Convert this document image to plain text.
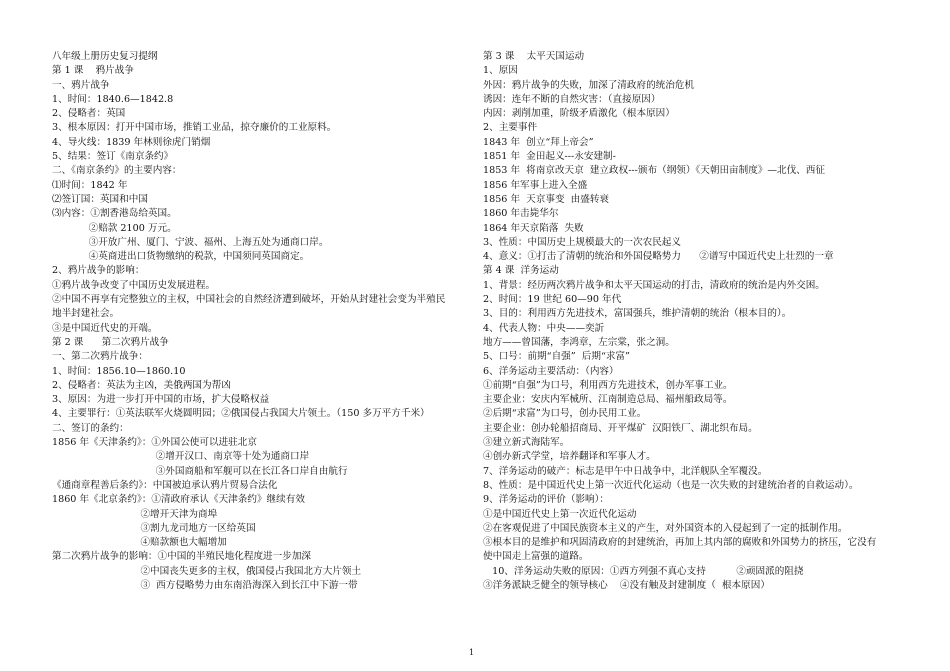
八年级上册历史复习提纲
第 1 课    鸦片战争
一、鸦片战争
1、时间：1840.6—1842.8
2、侵略者：英国
3、根本原因：打开中国市场，推销工业品，掠夺廉价的工业原料。
4、导火线：1839 年林则徐虎门销烟
5、结果：签订《南京条约》
二、《南京条约》的主要内容：
⑴时间：1842 年
⑵签订国：英国和中国
⑶内容：①割香港岛给英国。
②赔款 2100 万元。
③开放广州、厦门、宁波、福州、上海五处为通商口岸。
④英商进出口货物缴纳的税款，中国须同英国商定。
2、鸦片战争的影响：
①鸦片战争改变了中国历史发展进程。
②中国不再享有完整独立的主权，中国社会的自然经济遭到破坏，开始从封建社会变为半殖民
地半封建社会。
③是中国近代史的开端。
第 2 课      第二次鸦片战争
一、第二次鸦片战争：
1、时间：1856.10—1860.10
2、侵略者：英法为主凶，美俄两国为帮凶
3、原因：为进一步打开中国的市场，扩大侵略权益
4、主要罪行：①英法联军火烧圆明园；②俄国侵占我国大片领土。（150 多万平方千米）
二、签订的条约：
1856 年《天津条约》：①外国公使可以进驻北京
②增开汉口、南京等十处为通商口岸
③外国商船和军舰可以在长江各口岸自由航行
《通商章程善后条约》：中国被迫承认鸦片贸易合法化
1860 年《北京条约》：①清政府承认《天津条约》继续有效
②增开天津为商埠
③割九龙司地方一区给英国
④赔款额也大幅增加
第二次鸦片战争的影响：①中国的半殖民地化程度进一步加深
②中国丧失更多的主权，俄国侵占我国北方大片领土
③  西方侵略势力由东南沿海深入到长江中下游一带
第 3 课    太平天国运动
1、原因
外因：鸦片战争的失败，加深了清政府的统治危机
诱因：连年不断的自然灾害：（直接原因）
内因：剥削加重，阶级矛盾激化（根本原因）
2、主要事件
1843 年  创立“拜上帝会”
1851 年  金田起义---永安建制-
1853 年  将南京改天京  建立政权---颁布（纲领）《天朝田亩制度》—北伐、西征
1856 年军事上进入全盛
1856 年  天京事变  由盛转衰
1860 年击毙华尔
1864 年天京陷落  失败
3、性质：中国历史上规模最大的一次农民起义
4、意义：①打击了清朝的统治和外国侵略势力      ②谱写中国近代史上壮烈的一章
第 4 课  洋务运动
1、背景：经历两次鸦片战争和太平天国运动的打击，清政府的统治是内外交困。
2、时间：19 世纪 60—90 年代
3、目的：利用西方先进技术，富国强兵，维护清朝的统治（根本目的）。
4、代表人物：中央——奕訢
地方——曾国藩，李鸿章，左宗棠，张之洞。
5、口号：前期“自强”  后期“求富”
6、洋务运动主要活动：（内容）
①前期“自强”为口号，利用西方先进技术，创办军事工业。
主要企业：安庆内军械所、江南制造总局、福州船政局等。
②后期“求富”为口号，创办民用工业。
主要企业：创办轮船招商局、开平煤矿  汉阳铁厂、湖北织布局。
③建立新式海陆军。
④创办新式学堂，培养翻译和军事人才。
7、洋务运动的破产：标志是甲午中日战争中，北洋舰队全军覆没。
8、性质：是中国近代史上第一次近代化运动（也是一次失败的封建统治者的自救运动）。
9、洋务运动的评价（影响）：
①是中国近代史上第一次近代化运动
②在客观促进了中国民族资本主义的产生，对外国资本的入侵起到了一定的抵制作用。
③根本目的是维护和巩固清政府的封建统治，再加上其内部的腐败和外国势力的挤压，它没有
使中国走上富强的道路。
10、洋务运动失败的原因：①西方列强不真心支持          ②顽固派的阻挠
③洋务派缺乏健全的领导核心    ④没有触及封建制度（  根本原因）
1
